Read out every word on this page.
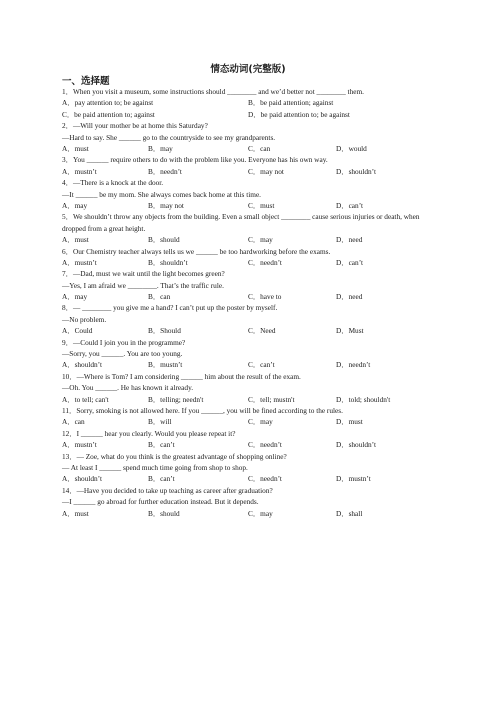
情态动词(完整版)
一、选择题
1．When you visit a museum, some instructions should ________ and we’d better not ________ them.
A．pay attention to; be against	B．be paid attention; against
C．be paid attention to; against	D．be paid attention to; be against
2．—Will your mother be at home this Saturday?
—Hard to say. She ______ go to the countryside to see my grandparents.
A．must	B．may	C．can	D．would
3．You ______ require others to do with the problem like you. Everyone has his own way.
A．mustn’t	B．needn’t	C．may not	D．shouldn’t
4．—There is a knock at the door.
—It ______ be my mom. She always comes back home at this time.
A．may	B．may not	C．must	D．can’t
5．We shouldn’t throw any objects from the building. Even a small object ________ cause serious injuries or death, when dropped from a great height.
A．must	B．should	C．may	D．need
6．Our Chemistry teacher always tells us we ______ be too hardworking before the exams.
A．mustn’t	B．shouldn’t	C．needn’t	D．can’t
7．—Dad, must we wait until the light becomes green?
—Yes, I am afraid we ________. That’s the traffic rule.
A．may	B．can	C．have to	D．need
8．— ________ you give me a hand? I can’t put up the poster by myself.
—No problem.
A．Could	B．Should	C．Need	D．Must
9．—Could I join you in the programme?
—Sorry, you ______. You are too young.
A．shouldn’t	B．mustn’t	C．can’t	D．needn’t
10．—Where is Tom? I am considering ______ him about the result of the exam.
—Oh. You ______. He has known it already.
A．to tell; can't	B．telling; needn't	C．tell; mustn't	D．told; shouldn't
11．Sorry, smoking is not allowed here. If you ______, you will be fined according to the rules.
A．can	B．will	C．may	D．must
12．I ______ hear you clearly. Would you please repeat it?
A．mustn’t	B．can’t	C．needn’t	D．shouldn’t
13．— Zoe, what do you think is the greatest advantage of shopping online?
— At least I ______ spend much time going from shop to shop.
A．shouldn’t	B．can’t	C．needn’t	D．mustn’t
14．—Have you decided to take up teaching as career after graduation?
—I ______ go abroad for further education instead. But it depends.
A．must	B．should	C．may	D．shall
